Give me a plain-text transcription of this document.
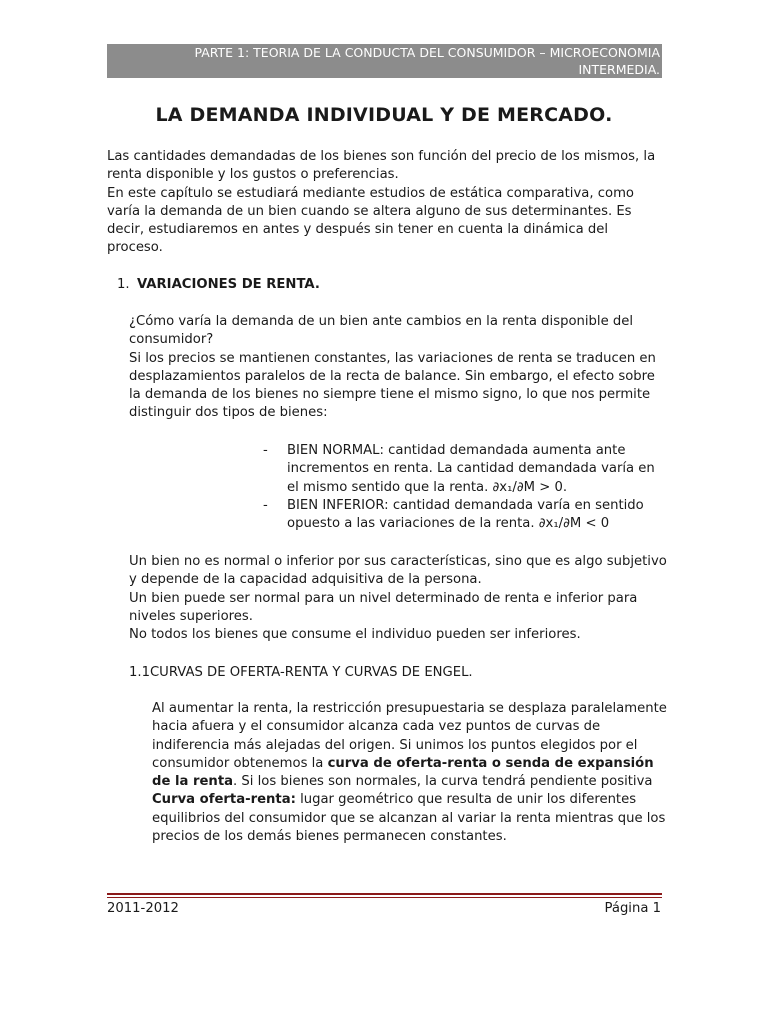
PARTE 1: TEORIA DE LA CONDUCTA DEL CONSUMIDOR – MICROECONOMIA
INTERMEDIA.
LA DEMANDA INDIVIDUAL Y DE MERCADO.
Las cantidades demandadas de los bienes son función del precio de los mismos, la renta disponible y los gustos o preferencias.
En este capítulo se estudiará mediante estudios de estática comparativa, como varía la demanda de un bien cuando se altera alguno de sus determinantes. Es decir, estudiaremos en antes y después sin tener en cuenta la dinámica del proceso.
1. VARIACIONES DE RENTA.
¿Cómo varía la demanda de un bien ante cambios en la renta disponible del consumidor?
Si los precios se mantienen constantes, las variaciones de renta se traducen en desplazamientos paralelos de la recta de balance. Sin embargo, el efecto sobre la demanda de los bienes no siempre tiene el mismo signo, lo que nos permite distinguir dos tipos de bienes:
- BIEN NORMAL: cantidad demandada aumenta ante incrementos en renta. La cantidad demandada varía en el mismo sentido que la renta. ∂x₁/∂M > 0.
- BIEN INFERIOR: cantidad demandada varía en sentido opuesto a las variaciones de la renta. ∂x₁/∂M < 0
Un bien no es normal o inferior por sus características, sino que es algo subjetivo y depende de la capacidad adquisitiva de la persona.
Un bien puede ser normal para un nivel determinado de renta e inferior para niveles superiores.
No todos los bienes que consume el individuo pueden ser inferiores.
1.1CURVAS DE OFERTA-RENTA Y CURVAS DE ENGEL.
Al aumentar la renta, la restricción presupuestaria se desplaza paralelamente hacia afuera y el consumidor alcanza cada vez puntos de curvas de indiferencia más alejadas del origen. Si unimos los puntos elegidos por el consumidor obtenemos la curva de oferta-renta o senda de expansión de la renta. Si los bienes son normales, la curva tendrá pendiente positiva
Curva oferta-renta: lugar geométrico que resulta de unir los diferentes equilibrios del consumidor que se alcanzan al variar la renta mientras que los precios de los demás bienes permanecen constantes.
2011-2012	Página 1
